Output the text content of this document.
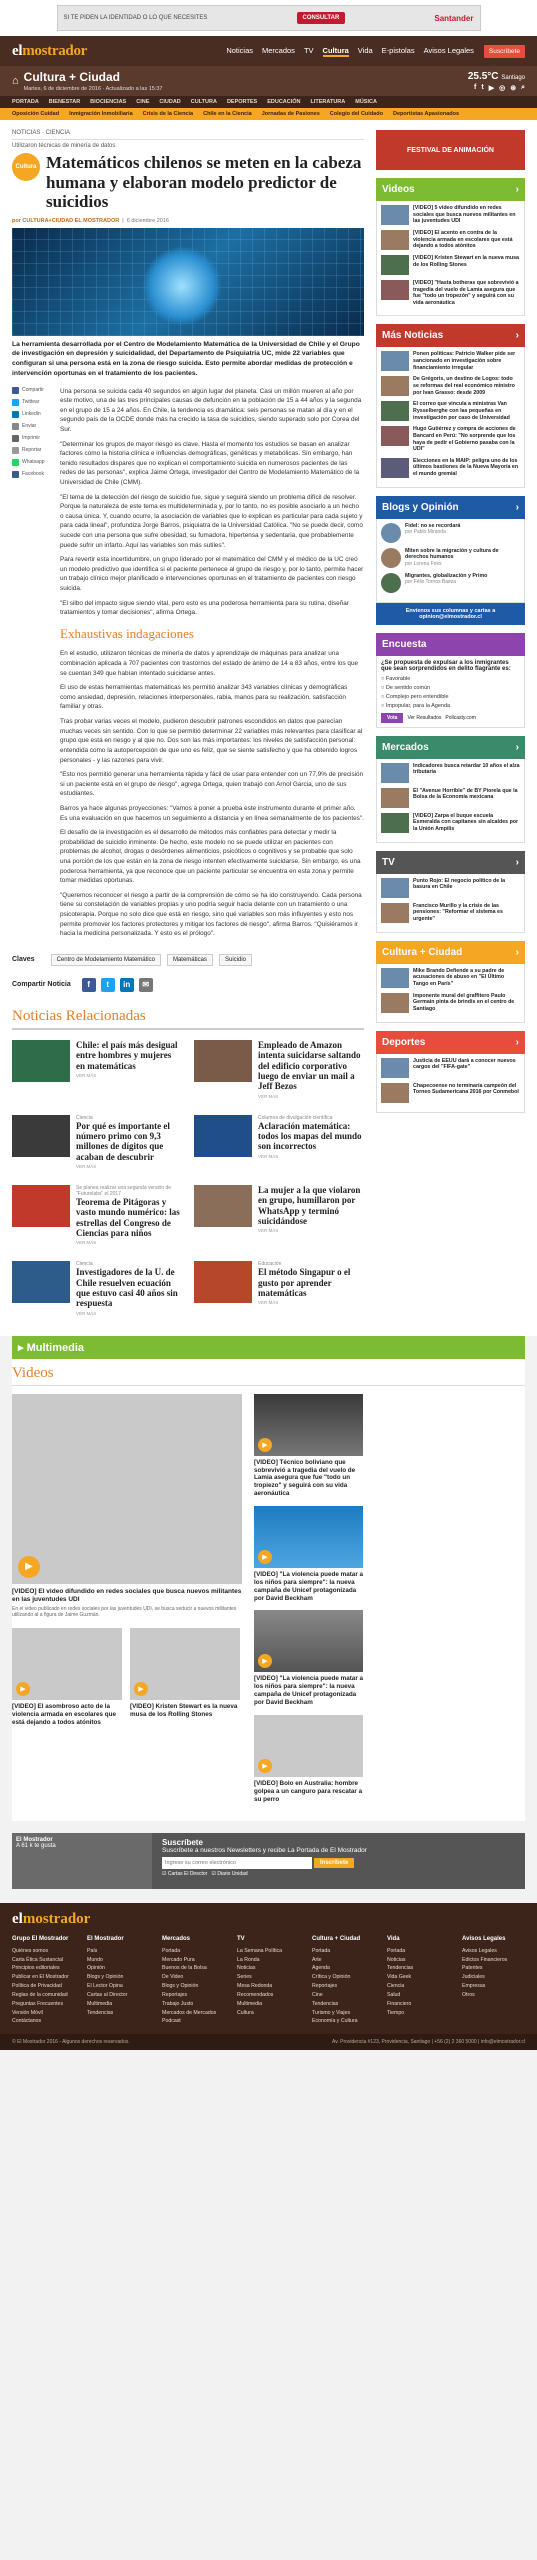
SI TE PIDEN LA IDENTIDAD O LO QUE NECESITES	CONSULTAR	Santander
elmostrador	Noticias Mercados TV Cultura Vida E-pistolas Avisos Legales	Suscríbete
⌂ Cultura + Ciudad
Martes, 6 de diciembre de 2016 · Actualizado a las 15:37
25.5°C Santiago
f t ▶ ◎ ⊛ ⌕
PORTADA BIENESTAR BIOCIENCIAS CINE CIUDAD CULTURA DEPORTES EDUCACIÓN LITERATURA MÚSICA
Oposición Cuidad Inmigración Inmobiliaria Crisis de la Ciencia Chile en la Ciencia Jornadas de Pasiones Colegio del Cuidado Deportistas Apasionados
NOTICIAS · CIENCIA
Utilizaron técnicas de minería de datos
Cultura Matemáticos chilenos se meten en la cabeza humana y elaboran modelo predictor de suicidios
por CULTURA+CIUDAD EL MOSTRADOR  |  6 diciembre 2016

La herramienta desarrollada por el Centro de Modelamiento Matemática de la Universidad de Chile y el Grupo de investigación en depresión y suicidalidad, del Departamento de Psiquiatría UC, mide 22 variables que configuran si una persona está en la zona de riesgo suicida. Esto permite abordar medidas de protección e intervención oportunas en el tratamiento de los pacientes.

Compartir
Twittear
Linkedin
Enviar
Imprimir
Reportar
Whatsapp
Facebook

Una persona se suicida cada 40 segundos en algún lugar del planeta. Casi un millón mueren al año por este motivo, una de las tres principales causas de defunción en la población de 15 a 44 años y la segunda en el grupo de 15 a 24 años. En Chile, la tendencia es dramática: seis personas se matan al día y en el segundo país de la OCDE donde más ha crecido la tasa de suicidios, siendo superado solo por Corea del Sur.

"Determinar los grupos de mayor riesgo es clave. Hasta el momento los estudios se basan en analizar factores como la historia clínica e influencias demográficas, genéticas y metabólicas. Sin embargo, han tenido resultados dispares que no explican el comportamiento suicida en numerosos pacientes de las redes de las personas", explica Jaime Ortega, investigador del Centro de Modelamiento Matemático de la Universidad de Chile (CMM).

"El tema de la detección del riesgo de suicidio fue, sigue y seguirá siendo un problema difícil de resolver. Porque la naturaleza de este tema es multideterminada y, por lo tanto, no es posible asociarlo a un hecho o causa única. Y, cuando ocurre, la asociación de variables que lo explican es particular para cada sujeto y para cada lineal", profundiza Jorge Barros, psiquiatra de la Universidad Católica. "No se puede decir, como sucede con una persona que sufre obesidad, su fumadora, hipertensa y sedentaria, que probablemente puede sufrir un infarto. Aquí las variables son más sutiles".

Para revertir esta incertidumbre, un grupo liderado por el matemático del CMM y el médico de la UC creó un modelo predictivo que identifica si el paciente pertenece al grupo de riesgo y, por lo tanto, permite hacer un trabajo clínico mejor planificado e intervenciones oportunas en el tratamiento de pacientes con riesgo suicida.

"El silbo del impacto sigue siendo vital, pero esto es una poderosa herramienta para su rutina, diseñar tratamientos y tomar decisiones", afirma Ortega.

Exhaustivas indagaciones

En el estudio, utilizaron técnicas de minería de datos y aprendizaje de máquinas para analizar una combinación aplicada a 707 pacientes con trastornos del estado de ánimo de 14 a 83 años, entre los que se cuentan 349 que habían intentado suicidarse antes.

El uso de estas herramientas matemáticas les permitió analizar 343 variables clínicas y demográficas como ansiedad, depresión, relaciones interpersonales, rabia, manos para su realización, satisfacción familiar y otras.

Tras probar varias veces el modelo, pudieron descubrir patrones escondidos en datos que parecían muchas veces sin sentido. Con lo que se permitió determinar 22 variables más relevantes para clasificar al grupo que está en riesgo y al que no. Dos son las más importantes: los niveles de satisfacción personal: entendida como la autopercepción de que uno es feliz, que se siente satisfecho y que ha obtenido logros personales - y las razones para vivir.

"Esto nos permitió generar una herramienta rápida y fácil de usar para entender con un 77,9% de precisión si un paciente está en el grupo de riesgo", agrega Ortega, quien trabajó con Arnol Garcia, uno de sus estudiantes.

Barros ya hace algunas proyecciones: "Vamos a poner a prueba este instrumento durante el primer año. Es una evaluación en que hacemos un seguimiento a distancia y en línea semanalmente de los pacientes".

El desafío de la investigación es el desarrollo de métodos más confiables para detectar y medir la probabilidad de suicidio inminente. De hecho, este modelo no se puede utilizar en pacientes con problemas de alcohol, drogas o desórdenes alimenticios, psicóticos o cognitivos y se probable que solo una porción de los que están en la zona de riesgo intenten efectivamente suicidarse. Sin embargo, es una poderosa herramienta, ya que reconoce que un paciente particular se encuentra en esta zona y permite tomar medidas oportunas.

"Queremos reconocer el riesgo a partir de la comprensión de cómo se ha ido construyendo. Cada persona tiene su constelación de variables propias y uno podría seguir hacia delante con un tratamiento o una psicoterapia. Porque no solo dice que está en riesgo, sino qué variables son más influyentes y esto nos permite promover los factores protectores y mitigar los factores de riesgo", afirma Barros. "Quisiéramos ir hacia la medicina personalizada. Y esto es el prólogo".

Claves	Centro de Modelamiento Matemático	Matemáticas	Suicidio
Compartir Noticia	f	t	in	✉
Noticias Relacionadas
Chile: el país más desigual entre hombres y mujeres en matemáticas
VER MÁS
Empleado de Amazon intenta suicidarse saltando del edificio corporativo luego de enviar un mail a Jeff Bezos
VER MÁS
Ciencia
Por qué es importante el número primo con 9,3 millones de dígitos que acaban de descubrir
VER MÁS
Columna de divulgación científica
Aclaración matemática: todos los mapas del mundo son incorrectos
VER MÁS
Se planea realizar una segunda versión de "Futurelabs" el 2017
Teorema de Pitágoras y vasto mundo numérico: las estrellas del Congreso de Ciencias para niños
VER MÁS
La mujer a la que violaron en grupo, humillaron por WhatsApp y terminó suicidándose
VER MÁS
Ciencia
Investigadores de la U. de Chile resuelven ecuación que estuvo casi 40 años sin respuesta
VER MÁS
Educación
El método Singapur o el gusto por aprender matemáticas
VER MÁS
FESTIVAL DE ANIMACIÓN
Videos	›
[VIDEO] 5 video difundido en redes sociales que busca nuevos militantes en las juventudes UDI
[VIDEO] El acento en contra de la violencia armada en escolares que está dejando a todos atónitos
[VIDEO] Kristen Stewart en la nueva musa de los Rolling Stones
[VIDEO] "Hasta botheras que sobrevivió a tragedia del vuelo de Lamia asegura que fue "todo un tropezón" y seguirá con su vida aeronáutica
Más Noticias	›
Ponen políticas: Patricio Walker pide ser sancionado en investigación sobre financiamiento irregular
De Grégoris, un destino de Logos: todo se reformas del real económico ministro por Ivan Grasso: desde 2009
El correo que vincula a ministras Van Rysselberghe con las pequeñas en investigación por caso de Universidad
Hugo Gutiérrez y compra de acciones de Bancard en Perú: "No sorprende que los haya de pedir el Gobierno pasaba con la UDI"
Elecciones en la MAIP: peligra uno de los últimos bastiones de la Nueva Mayoría en el mundo gremial
Blogs y Opinión	›
Fidel: no se recordará
por Pablo Miranda
Miten sobre la migración y cultura de derechos humanos
por Lorena Fries
Migrantes, globalización y Primo
por Félix Tornos Baeza
Envíenos sus columnas y cartas a opinion@elmostrador.cl
Encuesta
¿Se propuesta de expulsar a los inmigrantes que sean sorprendidos en delito flagrante es:
○ Favorable
○ De sentido común
○ Complejo pero entendible
○ Impopular, para la Agenda
Vota	Ver Resultados Pollcasty.com
Mercados	›
Indicadores busca retardar 10 años el alza tributaria
El "Avenue Horrible" de BY Piorela que la Bolsa de la Economía mexicana
[VIDEO] Zarpa el buque escuela Esmeralda con capitanes sin alcaldes por la Unión Ampilis
TV	›
Punto Rojo: El negocio político de la basura en Chile
Francisco Murillo y la crisis de las pensiones: "Reformar el sistema es urgente"
Cultura + Ciudad	›
Mike Brando Defiende a su padre de acusaciones de abuso en "El Último Tango en París"
Imponente mural del graffitero Paulo Germain pinta de brindis en el centro de Santiago
Deportes	›
Justicia de EEUU dará a conocer nuevos cargos del "FIFA-gate"
Chapecoense no terminaría campeón del Torneo Sudamericana 2016 por Conmebol
▸ Multimedia
Videos
▶
[VIDEO] El video difundido en redes sociales que busca nuevos militantes en las juventudes UDI
En el video publicado en redes sociales por las juventudes UDI, se busca seducir a nuevos militantes utilizando al a figura de Jaime Guzmán.
▶
[VIDEO] El asombroso acto de la violencia armada en escolares que está dejando a todos atónitos
▶
[VIDEO] Kristen Stewart es la nueva musa de los Rolling Stones
▶
[VIDEO] Técnico boliviano que sobrevivió a tragedia del vuelo de Lamia asegura que fue "todo un tropiezo" y seguirá con su vida aeronáutica
▶
[VIDEO] "La violencia puede matar a los niños para siempre": la nueva campaña de Unicef protagonizada por David Beckham
▶
[VIDEO] "La violencia puede matar a los niños para siempre": la nueva campaña de Unicef protagonizada por David Beckham
▶
[VIDEO] Bolo en Australia: hombre golpea a un canguro para rescatar a su perro
El Mostrador
A 61 k te gusta	Suscríbete
Suscríbete a nuestros Newsletters y recibe La Portada de El Mostrador
Ingrese su correo electrónicoInscríbete
☑ Cartas El Director   ☑ Diario Unidad
elmostrador
Grupo El Mostrador
Quiénes somos
Carta Ética Sustancial
Principios editoriales
Publicar en El Mostrador
Política de Privacidad
Reglas de la comunidad
Preguntas Frecuentes
Versión Móvil
Contáctanos
El Mostrador
País
Mundo
Opinión
Blogs y Opinión
El Lector Opina
Cartas al Director
Multimedia
Tendencias
Mercados
Portada
Mercado Pura
Buenos de la Bolsa
De Video
Blogs y Opinión
Reportajes
Trabajo Justo
Mercados de Mercados
Podcast
TV
La Semana Política
La Ronda
Noticias
Series
Mesa Redonda
Recomendados
Multimedia
Cultura
Cultura + Ciudad
Portada
Arte
Agenda
Crítica y Opinión
Reportajes
Cine
Tendencias
Turismo y Viajes
Economía y Cultura
Vida
Portada
Noticias
Tendencias
Vida Geek
Ciencia
Salud
Financiero
Tiempo
Avisos Legales
Avisos Legales
Edictos Financieros
Patentes
Judiciales
Empresas
Otros
© El Mostrador 2016 - Algunos derechos reservados.	Av. Providencia #123, Providencia, Santiago | +56 (2) 2 360 5000 | info@elmostrador.cl
